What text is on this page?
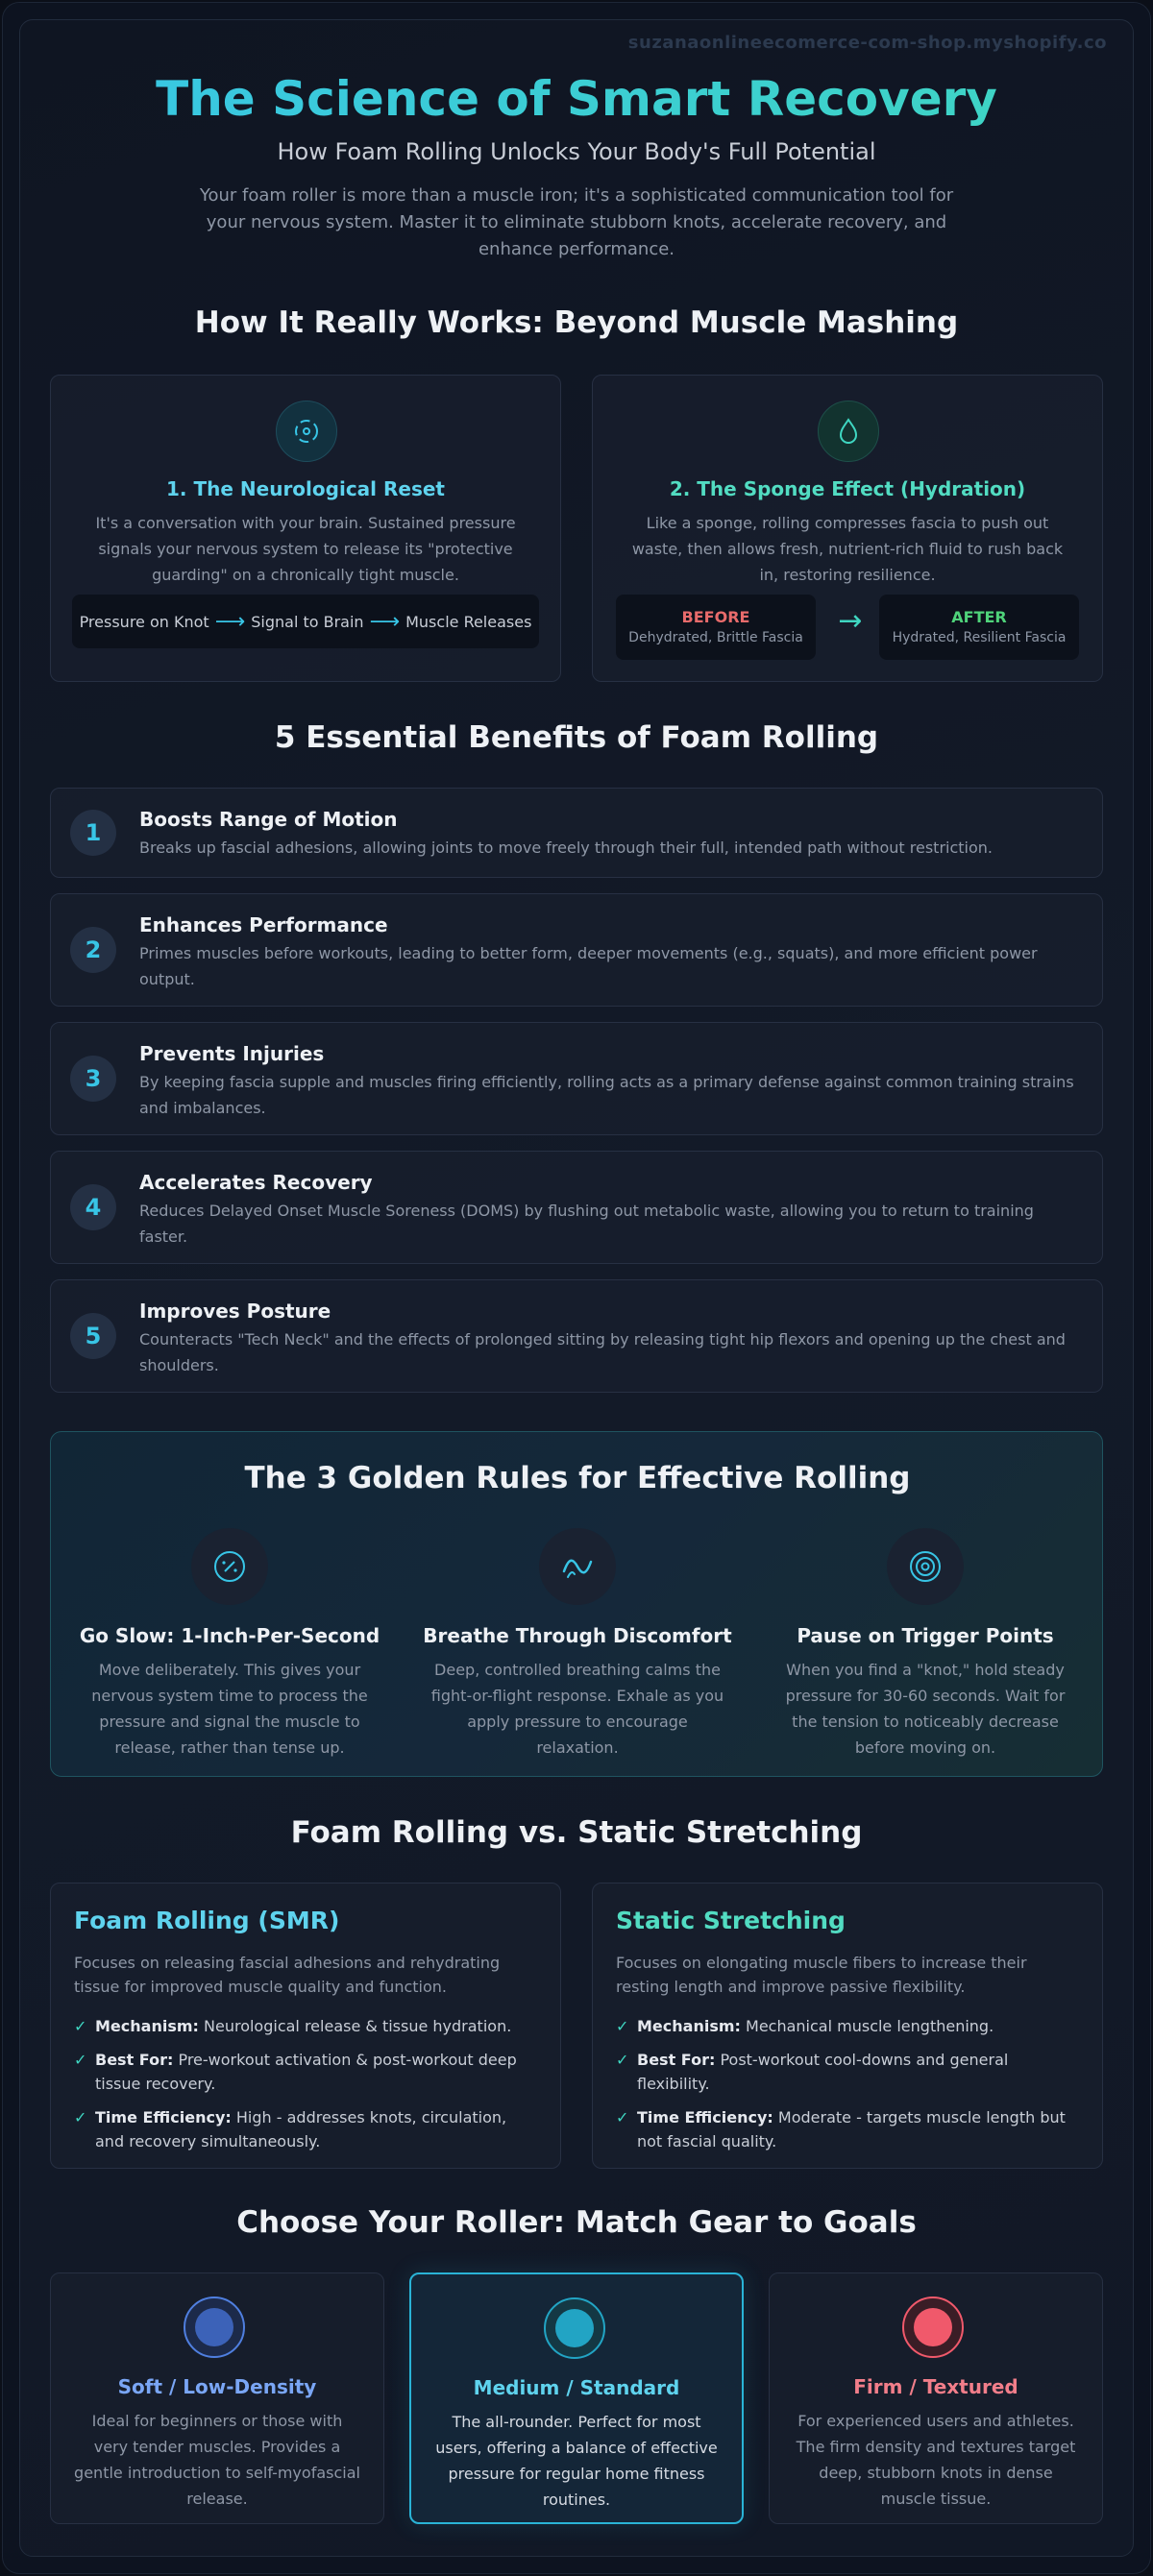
suzanaonlineecomerce-com-shop.myshopify.co
The Science of Smart Recovery
How Foam Rolling Unlocks Your Body's Full Potential
Your foam roller is more than a muscle iron; it's a sophisticated communication tool for your nervous system. Master it to eliminate stubborn knots, accelerate recovery, and enhance performance.
How It Really Works: Beyond Muscle Mashing
1. The Neurological Reset
It's a conversation with your brain. Sustained pressure signals your nervous system to release its "protective guarding" on a chronically tight muscle.
Pressure on Knot ⟶ Signal to Brain ⟶ Muscle Releases
2. The Sponge Effect (Hydration)
Like a sponge, rolling compresses fascia to push out waste, then allows fresh, nutrient-rich fluid to rush back in, restoring resilience.
BEFORE
Dehydrated, Brittle Fascia	→	AFTER
Hydrated, Resilient Fascia
5 Essential Benefits of Foam Rolling
1	Boosts Range of Motion
Breaks up fascial adhesions, allowing joints to move freely through their full, intended path without restriction.
2
Enhances Performance
Primes muscles before workouts, leading to better form, deeper movements (e.g., squats), and more efficient power output.
3
Prevents Injuries
By keeping fascia supple and muscles firing efficiently, rolling acts as a primary defense against common training strains and imbalances.
4
Accelerates Recovery
Reduces Delayed Onset Muscle Soreness (DOMS) by flushing out metabolic waste, allowing you to return to training faster.
5
Improves Posture
Counteracts "Tech Neck" and the effects of prolonged sitting by releasing tight hip flexors and opening up the chest and shoulders.
The 3 Golden Rules for Effective Rolling
Go Slow: 1-Inch-Per-Second
Move deliberately. This gives your nervous system time to process the pressure and signal the muscle to release, rather than tense up.
Breathe Through Discomfort
Deep, controlled breathing calms the fight-or-flight response. Exhale as you apply pressure to encourage relaxation.
Pause on Trigger Points
When you find a "knot," hold steady pressure for 30-60 seconds. Wait for the tension to noticeably decrease before moving on.
Foam Rolling vs. Static Stretching
Foam Rolling (SMR)
Focuses on releasing fascial adhesions and rehydrating tissue for improved muscle quality and function.
✓ Mechanism: Neurological release & tissue hydration.
✓ Best For: Pre-workout activation & post-workout deep tissue recovery.
✓ Time Efficiency: High - addresses knots, circulation, and recovery simultaneously.
Static Stretching
Focuses on elongating muscle fibers to increase their resting length and improve passive flexibility.
✓ Mechanism: Mechanical muscle lengthening.
✓ Best For: Post-workout cool-downs and general flexibility.
✓ Time Efficiency: Moderate - targets muscle length but not fascial quality.
Choose Your Roller: Match Gear to Goals
Soft / Low-Density
Ideal for beginners or those with very tender muscles. Provides a gentle introduction to self-myofascial release.
Medium / Standard
The all-rounder. Perfect for most users, offering a balance of effective pressure for regular home fitness routines.
Firm / Textured
For experienced users and athletes. The firm density and textures target deep, stubborn knots in dense muscle tissue.
